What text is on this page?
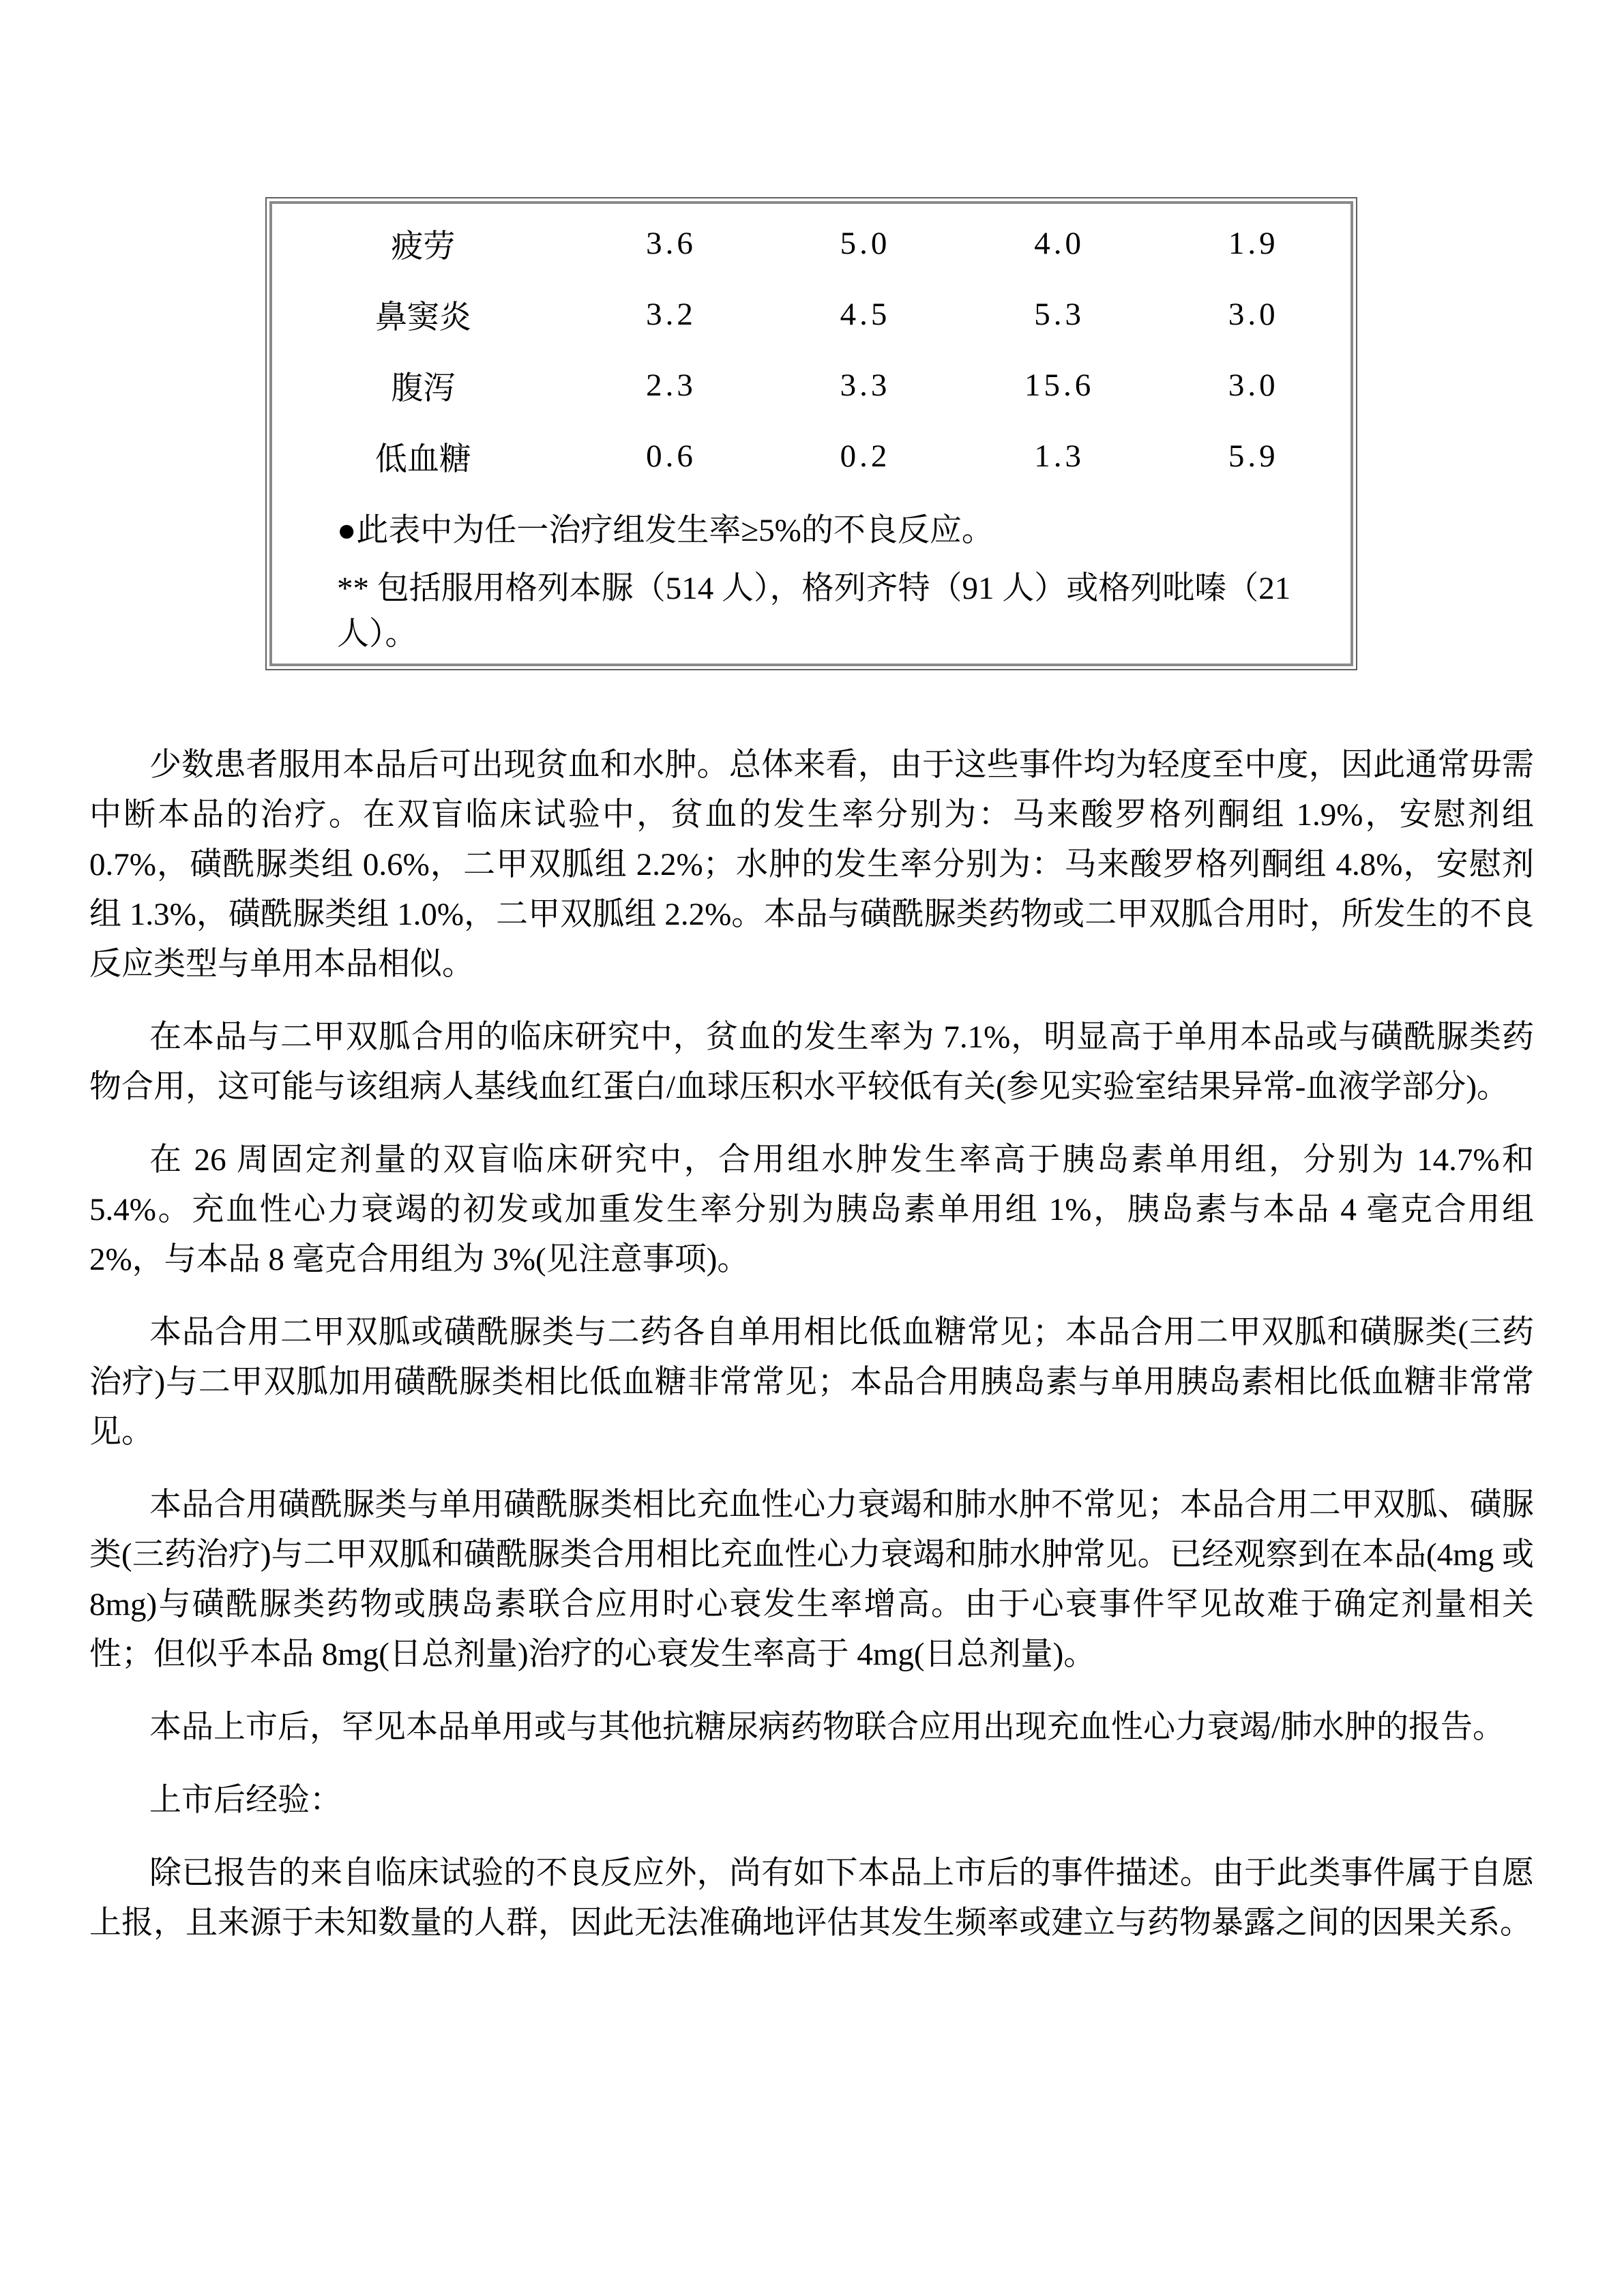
疲劳	3.6	5.0	4.0	1.9
鼻窦炎	3.2	4.5	5.3	3.0
腹泻	2.3	3.3	15.6	3.0
低血糖	0.6	0.2	1.3	5.9
●此表中为任一治疗组发生率≥5%的不良反应。				
** 包括服用格列本脲（514 人），格列齐特（91 人）或格列吡嗪（21 人）。				

少数患者服用本品后可出现贫血和水肿。总体来看，由于这些事件均为轻度至中度，因此通常毋需中断本品的治疗。在双盲临床试验中，贫血的发生率分别为：马来酸罗格列酮组 1.9%，安慰剂组 0.7%，磺酰脲类组 0.6%，二甲双胍组 2.2%；水肿的发生率分别为：马来酸罗格列酮组 4.8%，安慰剂组 1.3%，磺酰脲类组 1.0%，二甲双胍组 2.2%。本品与磺酰脲类药物或二甲双胍合用时，所发生的不良反应类型与单用本品相似。

在本品与二甲双胍合用的临床研究中，贫血的发生率为 7.1%，明显高于单用本品或与磺酰脲类药物合用，这可能与该组病人基线血红蛋白/血球压积水平较低有关(参见实验室结果异常-血液学部分)。

在 26 周固定剂量的双盲临床研究中，合用组水肿发生率高于胰岛素单用组，分别为 14.7%和 5.4%。充血性心力衰竭的初发或加重发生率分别为胰岛素单用组 1%，胰岛素与本品 4 毫克合用组 2%，与本品 8 毫克合用组为 3%(见注意事项)。

本品合用二甲双胍或磺酰脲类与二药各自单用相比低血糖常见；本品合用二甲双胍和磺脲类(三药治疗)与二甲双胍加用磺酰脲类相比低血糖非常常见；本品合用胰岛素与单用胰岛素相比低血糖非常常见。

本品合用磺酰脲类与单用磺酰脲类相比充血性心力衰竭和肺水肿不常见；本品合用二甲双胍、磺脲类(三药治疗)与二甲双胍和磺酰脲类合用相比充血性心力衰竭和肺水肿常见。已经观察到在本品(4mg 或 8mg)与磺酰脲类药物或胰岛素联合应用时心衰发生率增高。由于心衰事件罕见故难于确定剂量相关性；但似乎本品 8mg(日总剂量)治疗的心衰发生率高于 4mg(日总剂量)。

本品上市后，罕见本品单用或与其他抗糖尿病药物联合应用出现充血性心力衰竭/肺水肿的报告。

上市后经验：

除已报告的来自临床试验的不良反应外，尚有如下本品上市后的事件描述。由于此类事件属于自愿上报，且来源于未知数量的人群，因此无法准确地评估其发生频率或建立与药物暴露之间的因果关系。
